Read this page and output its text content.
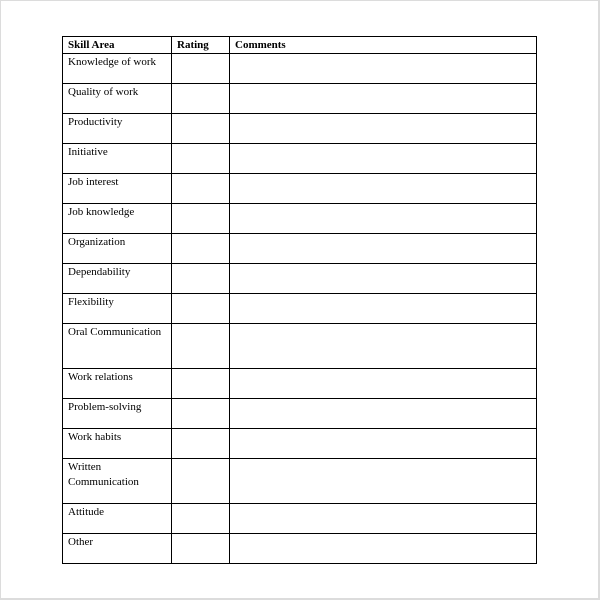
Skill Area	Rating	Comments
Knowledge of work		
Quality of work		
Productivity		
Initiative		
Job interest		
Job knowledge		
Organization		
Dependability		
Flexibility		
Oral Communication		
Work relations		
Problem-solving		
Work habits		
Written Communication		
Attitude		
Other		
